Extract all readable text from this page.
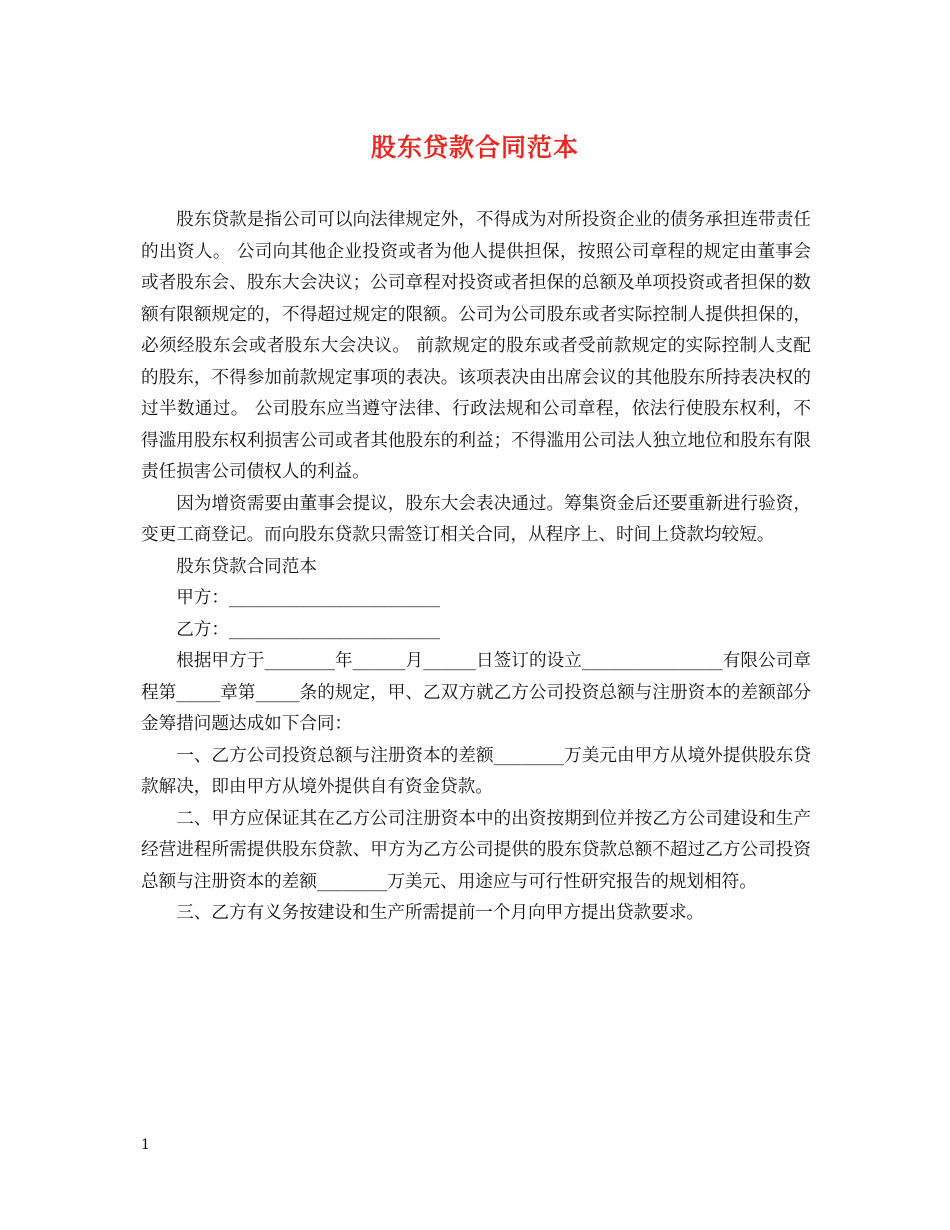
股东贷款合同范本

股东贷款是指公司可以向法律规定外，不得成为对所投资企业的债务承担连带责任的出资人。 公司向其他企业投资或者为他人提供担保，按照公司章程的规定由董事会或者股东会、股东大会决议；公司章程对投资或者担保的总额及单项投资或者担保的数额有限额规定的，不得超过规定的限额。公司为公司股东或者实际控制人提供担保的，必须经股东会或者股东大会决议。 前款规定的股东或者受前款规定的实际控制人支配的股东，不得参加前款规定事项的表决。该项表决由出席会议的其他股东所持表决权的过半数通过。 公司股东应当遵守法律、行政法规和公司章程，依法行使股东权利，不得滥用股东权利损害公司或者其他股东的利益；不得滥用公司法人独立地位和股东有限责任损害公司债权人的利益。

因为增资需要由董事会提议，股东大会表决通过。筹集资金后还要重新进行验资，变更工商登记。而向股东贷款只需签订相关合同，从程序上、时间上贷款均较短。

股东贷款合同范本

甲方：________________________

乙方：________________________

根据甲方于________年______月______日签订的设立________________有限公司章程第_____章第_____条的规定，甲、乙双方就乙方公司投资总额与注册资本的差额部分金筹措问题达成如下合同：

一、乙方公司投资总额与注册资本的差额________万美元由甲方从境外提供股东贷款解决，即由甲方从境外提供自有资金贷款。

二、甲方应保证其在乙方公司注册资本中的出资按期到位并按乙方公司建设和生产经营进程所需提供股东贷款、甲方为乙方公司提供的股东贷款总额不超过乙方公司投资总额与注册资本的差额________万美元、用途应与可行性研究报告的规划相符。

三、乙方有义务按建设和生产所需提前一个月向甲方提出贷款要求。

1
